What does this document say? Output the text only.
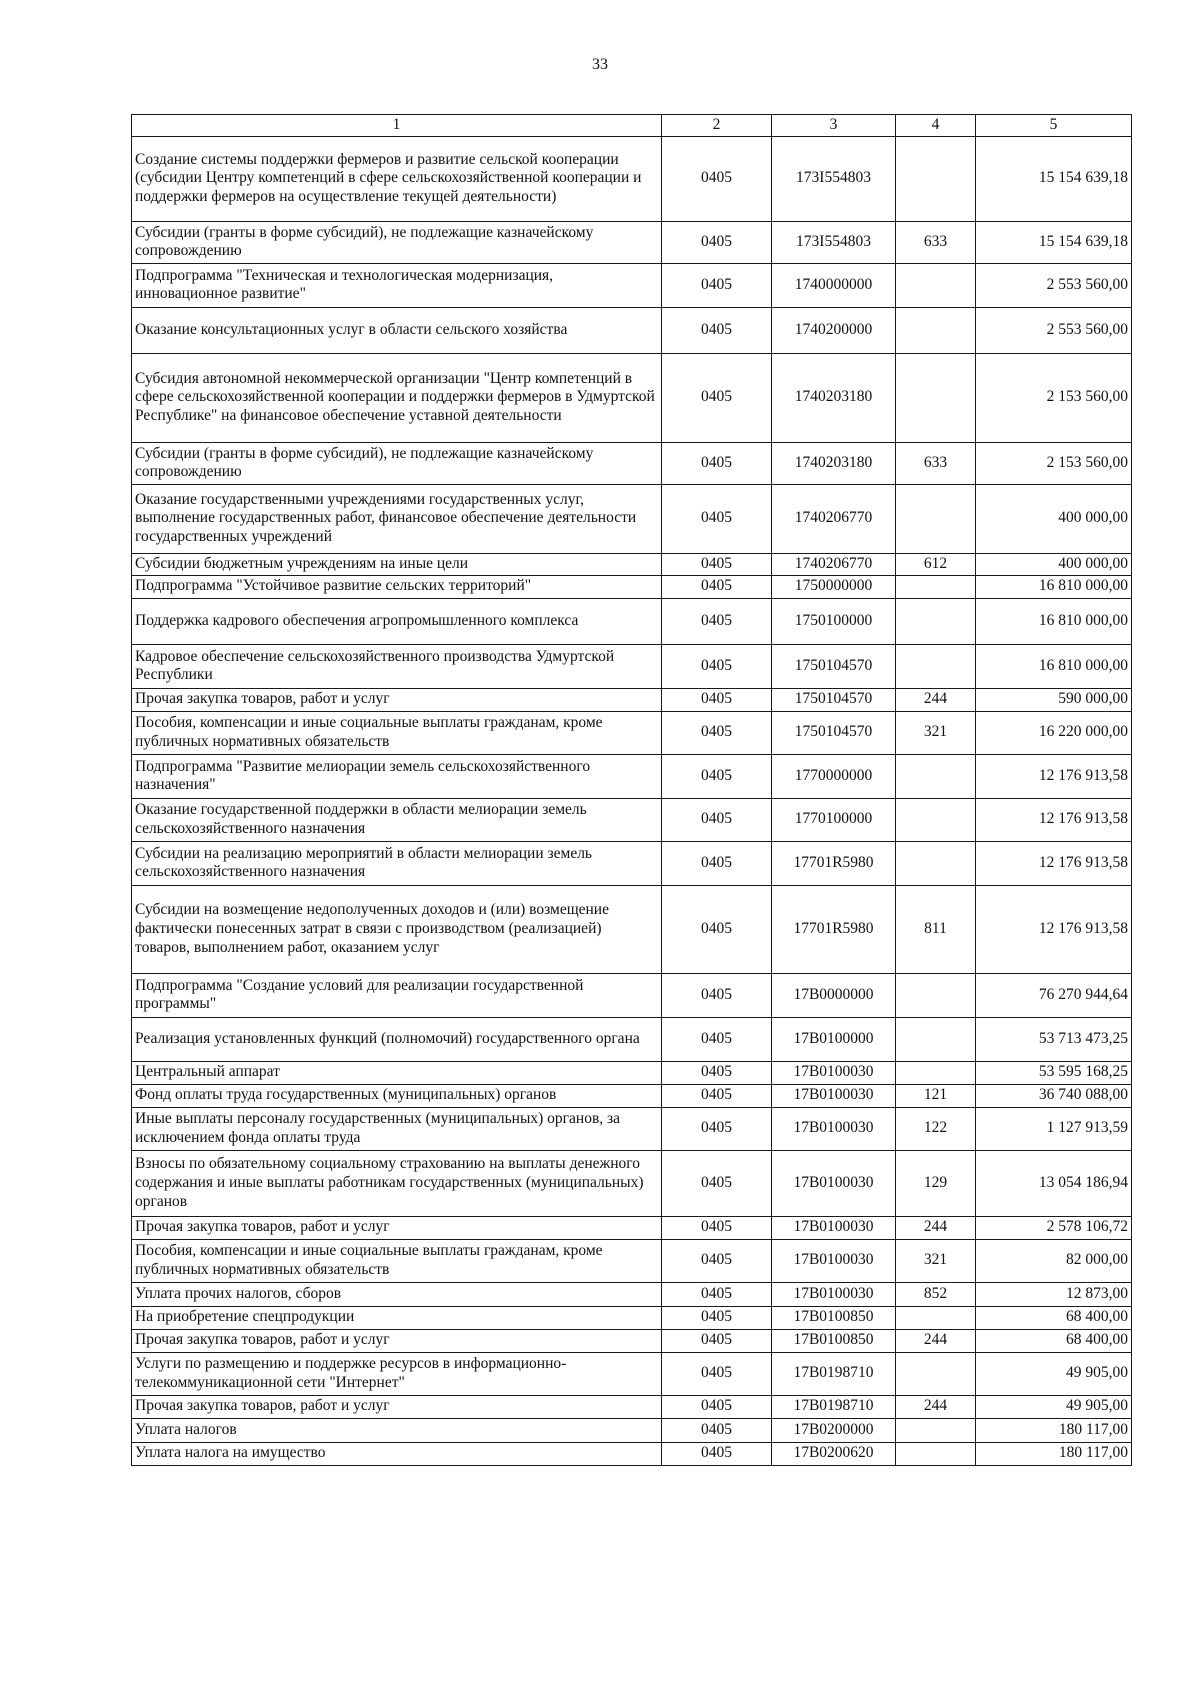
33
1	2	3	4	5
Создание системы поддержки фермеров и развитие сельской кооперации (субсидии Центру компетенций в сфере сельскохозяйственной кооперации и поддержки фермеров на осуществление текущей деятельности)	0405	173I554803		15 154 639,18
Субсидии (гранты в форме субсидий), не подлежащие казначейскому сопровождению	0405	173I554803	633	15 154 639,18
Подпрограмма "Техническая и технологическая модернизация, инновационное развитие"	0405	1740000000		2 553 560,00
Оказание консультационных услуг в области сельского хозяйства	0405	1740200000		2 553 560,00
Субсидия автономной некоммерческой организации "Центр компетенций в сфере сельскохозяйственной кооперации и поддержки фермеров в Удмуртской Республике" на финансовое обеспечение уставной деятельности	0405	1740203180		2 153 560,00
Субсидии (гранты в форме субсидий), не подлежащие казначейскому сопровождению	0405	1740203180	633	2 153 560,00
Оказание государственными учреждениями государственных услуг, выполнение государственных работ, финансовое обеспечение деятельности государственных учреждений	0405	1740206770		400 000,00
Субсидии бюджетным учреждениям на иные цели	0405	1740206770	612	400 000,00
Подпрограмма "Устойчивое развитие сельских территорий"	0405	1750000000		16 810 000,00
Поддержка кадрового обеспечения агропромышленного комплекса	0405	1750100000		16 810 000,00
Кадровое обеспечение сельскохозяйственного производства Удмуртской Республики	0405	1750104570		16 810 000,00
Прочая закупка товаров, работ и услуг	0405	1750104570	244	590 000,00
Пособия, компенсации и иные социальные выплаты гражданам, кроме публичных нормативных обязательств	0405	1750104570	321	16 220 000,00
Подпрограмма "Развитие мелиорации земель сельскохозяйственного назначения"	0405	1770000000		12 176 913,58
Оказание государственной поддержки в области мелиорации земель сельскохозяйственного назначения	0405	1770100000		12 176 913,58
Субсидии на реализацию мероприятий в области мелиорации земель сельскохозяйственного назначения	0405	17701R5980		12 176 913,58
Субсидии на возмещение недополученных доходов и (или) возмещение фактически понесенных затрат в связи с производством (реализацией) товаров, выполнением работ, оказанием услуг	0405	17701R5980	811	12 176 913,58
Подпрограмма "Создание условий для реализации государственной программы"	0405	17B0000000		76 270 944,64
Реализация установленных функций (полномочий) государственного органа	0405	17B0100000		53 713 473,25
Центральный аппарат	0405	17B0100030		53 595 168,25
Фонд оплаты труда государственных (муниципальных) органов	0405	17B0100030	121	36 740 088,00
Иные выплаты персоналу государственных (муниципальных) органов, за исключением фонда оплаты труда	0405	17B0100030	122	1 127 913,59
Взносы по обязательному социальному страхованию на выплаты денежного содержания и иные выплаты работникам государственных (муниципальных) органов	0405	17B0100030	129	13 054 186,94
Прочая закупка товаров, работ и услуг	0405	17B0100030	244	2 578 106,72
Пособия, компенсации и иные социальные выплаты гражданам, кроме публичных нормативных обязательств	0405	17B0100030	321	82 000,00
Уплата прочих налогов, сборов	0405	17B0100030	852	12 873,00
На приобретение спецпродукции	0405	17B0100850		68 400,00
Прочая закупка товаров, работ и услуг	0405	17B0100850	244	68 400,00
Услуги по размещению и поддержке ресурсов в информационно-телекоммуникационной сети "Интернет"	0405	17B0198710		49 905,00
Прочая закупка товаров, работ и услуг	0405	17B0198710	244	49 905,00
Уплата налогов	0405	17B0200000		180 117,00
Уплата налога на имущество	0405	17B0200620		180 117,00
